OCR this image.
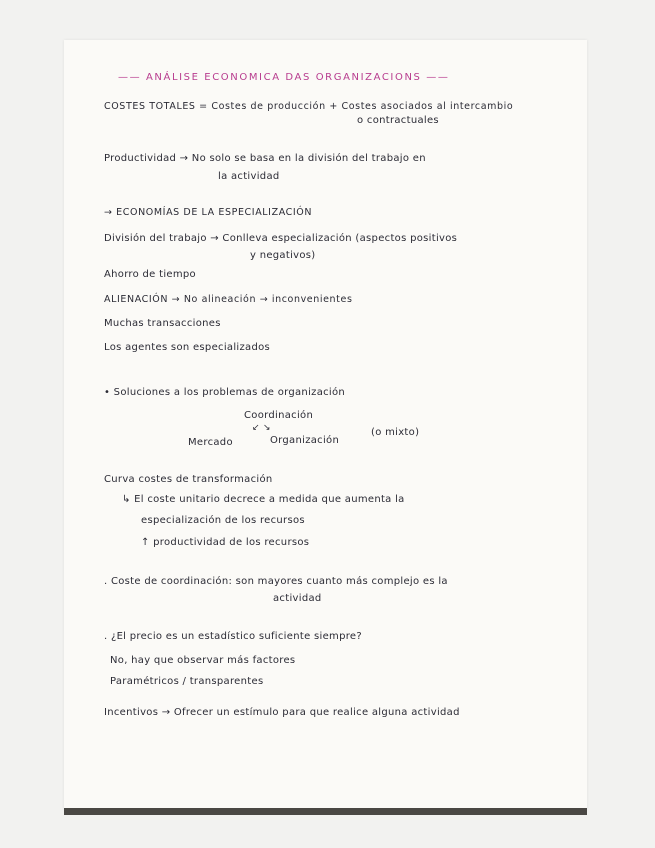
—— ANÁLISE ECONOMICA DAS ORGANIZACIONS ——
COSTES TOTALES = Costes de producción + Costes asociados al intercambio
o contractuales
Productividad → No solo se basa en la división del trabajo en
la actividad
→ ECONOMÍAS DE LA ESPECIALIZACIÓN
División del trabajo → Conlleva especialización (aspectos positivos
y negativos)
Ahorro de tiempo
ALIENACIÓN → No alineación → inconvenientes
Muchas transacciones
Los agentes son especializados
• Soluciones a los problemas de organización
Coordinación
↙ ↘
Mercado	Organización
(o mixto)
Curva costes de transformación
↳ El coste unitario decrece a medida que aumenta la
especialización de los recursos
↑ productividad de los recursos
. Coste de coordinación: son mayores cuanto más complejo es la
actividad
. ¿El precio es un estadístico suficiente siempre?
No, hay que observar más factores
Paramétricos / transparentes
Incentivos → Ofrecer un estímulo para que realice alguna actividad
